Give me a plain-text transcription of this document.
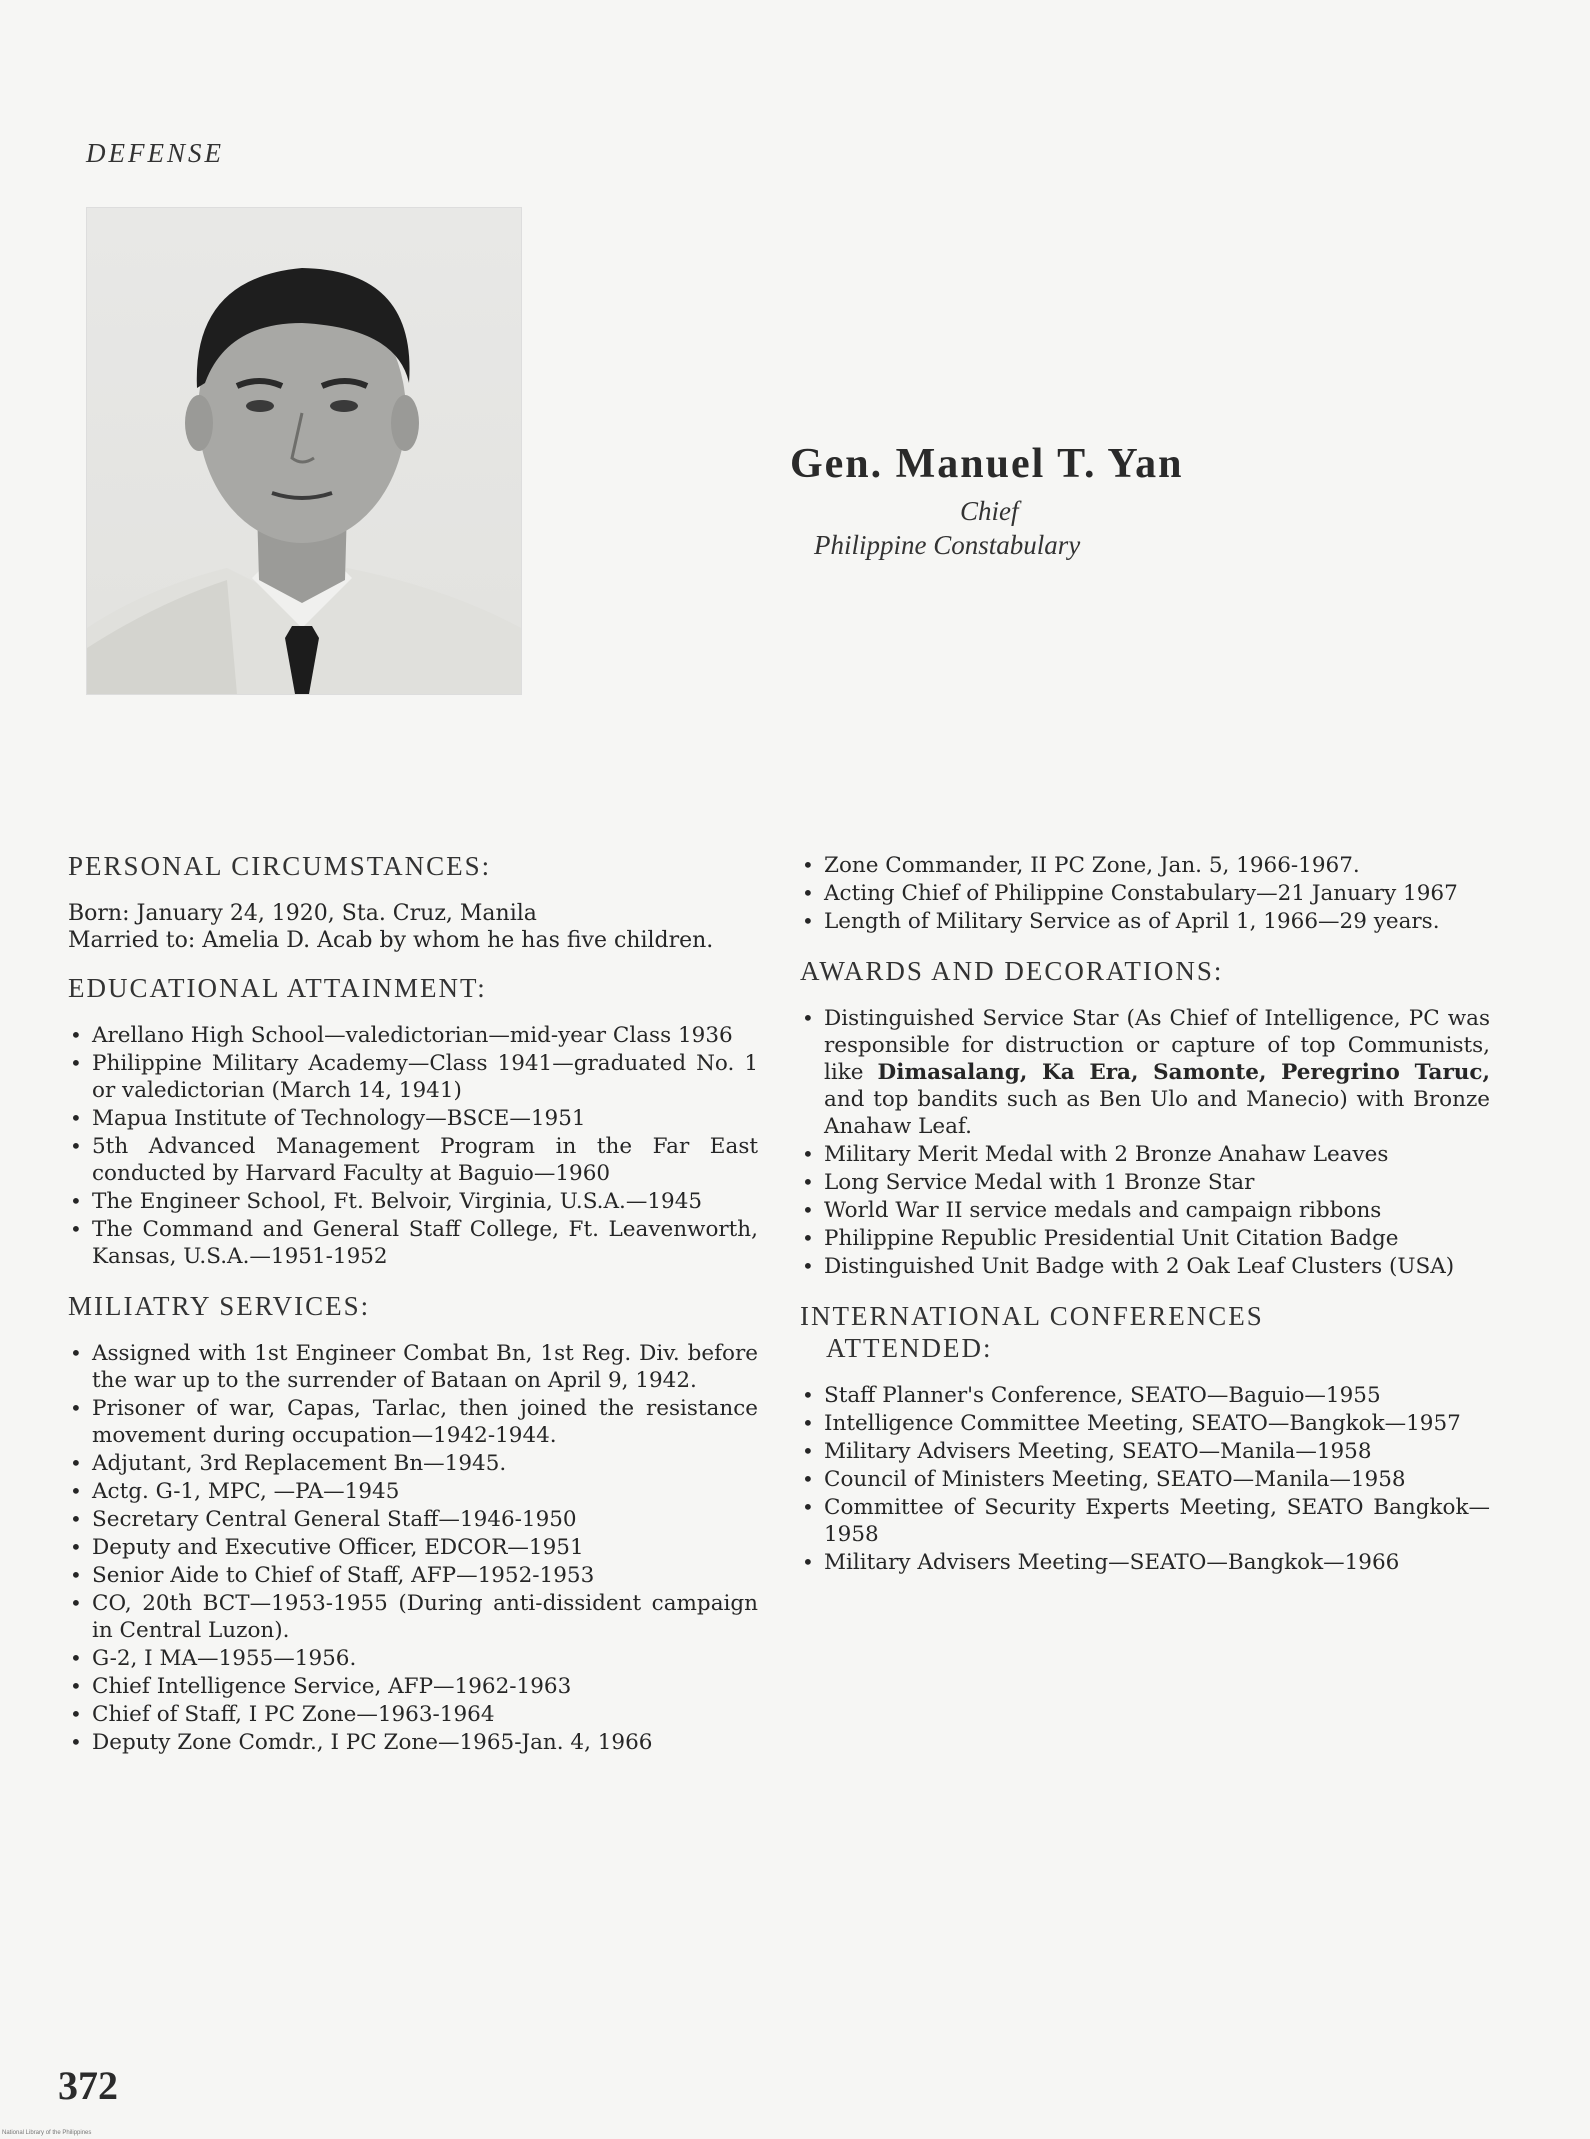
DEFENSE
Gen. Manuel T. Yan
Chief
Philippine Constabulary
PERSONAL CIRCUMSTANCES:
Born: January 24, 1920, Sta. Cruz, Manila
Married to: Amelia D. Acab by whom he has five children.
EDUCATIONAL ATTAINMENT:
• Arellano High School—valedictorian—mid-year Class 1936
• Philippine Military Academy—Class 1941—graduated No. 1 or valedictorian (March 14, 1941)
• Mapua Institute of Technology—BSCE—1951
• 5th Advanced Management Program in the Far East conducted by Harvard Faculty at Baguio—1960
• The Engineer School, Ft. Belvoir, Virginia, U.S.A.—1945
• The Command and General Staff College, Ft. Leavenworth, Kansas, U.S.A.—1951-1952
MILIATRY SERVICES:
• Assigned with 1st Engineer Combat Bn, 1st Reg. Div. before the war up to the surrender of Bataan on April 9, 1942.
• Prisoner of war, Capas, Tarlac, then joined the resistance movement during occupation—1942-1944.
• Adjutant, 3rd Replacement Bn—1945.
• Actg. G-1, MPC, —PA—1945
• Secretary Central General Staff—1946-1950
• Deputy and Executive Officer, EDCOR—1951
• Senior Aide to Chief of Staff, AFP—1952-1953
• CO, 20th BCT—1953-1955 (During anti-dissident campaign in Central Luzon).
• G-2, I MA—1955—1956.
• Chief Intelligence Service, AFP—1962-1963
• Chief of Staff, I PC Zone—1963-1964
• Deputy Zone Comdr., I PC Zone—1965-Jan. 4, 1966
• Zone Commander, II PC Zone, Jan. 5, 1966-1967.
• Acting Chief of Philippine Constabulary—21 January 1967
• Length of Military Service as of April 1, 1966—29 years.
AWARDS AND DECORATIONS:
• Distinguished Service Star (As Chief of Intelligence, PC was responsible for distruction or capture of top Communists, like Dimasalang, Ka Era, Samonte, Peregrino Taruc, and top bandits such as Ben Ulo and Manecio) with Bronze Anahaw Leaf.
• Military Merit Medal with 2 Bronze Anahaw Leaves
• Long Service Medal with 1 Bronze Star
• World War II service medals and campaign ribbons
• Philippine Republic Presidential Unit Citation Badge
• Distinguished Unit Badge with 2 Oak Leaf Clusters (USA)
INTERNATIONAL CONFERENCES
ATTENDED:
• Staff Planner's Conference, SEATO—Baguio—1955
• Intelligence Committee Meeting, SEATO—Bangkok—1957
• Military Advisers Meeting, SEATO—Manila—1958
• Council of Ministers Meeting, SEATO—Manila—1958
• Committee of Security Experts Meeting, SEATO Bangkok—1958
• Military Advisers Meeting—SEATO—Bangkok—1966
372
National Library of the Philippines
